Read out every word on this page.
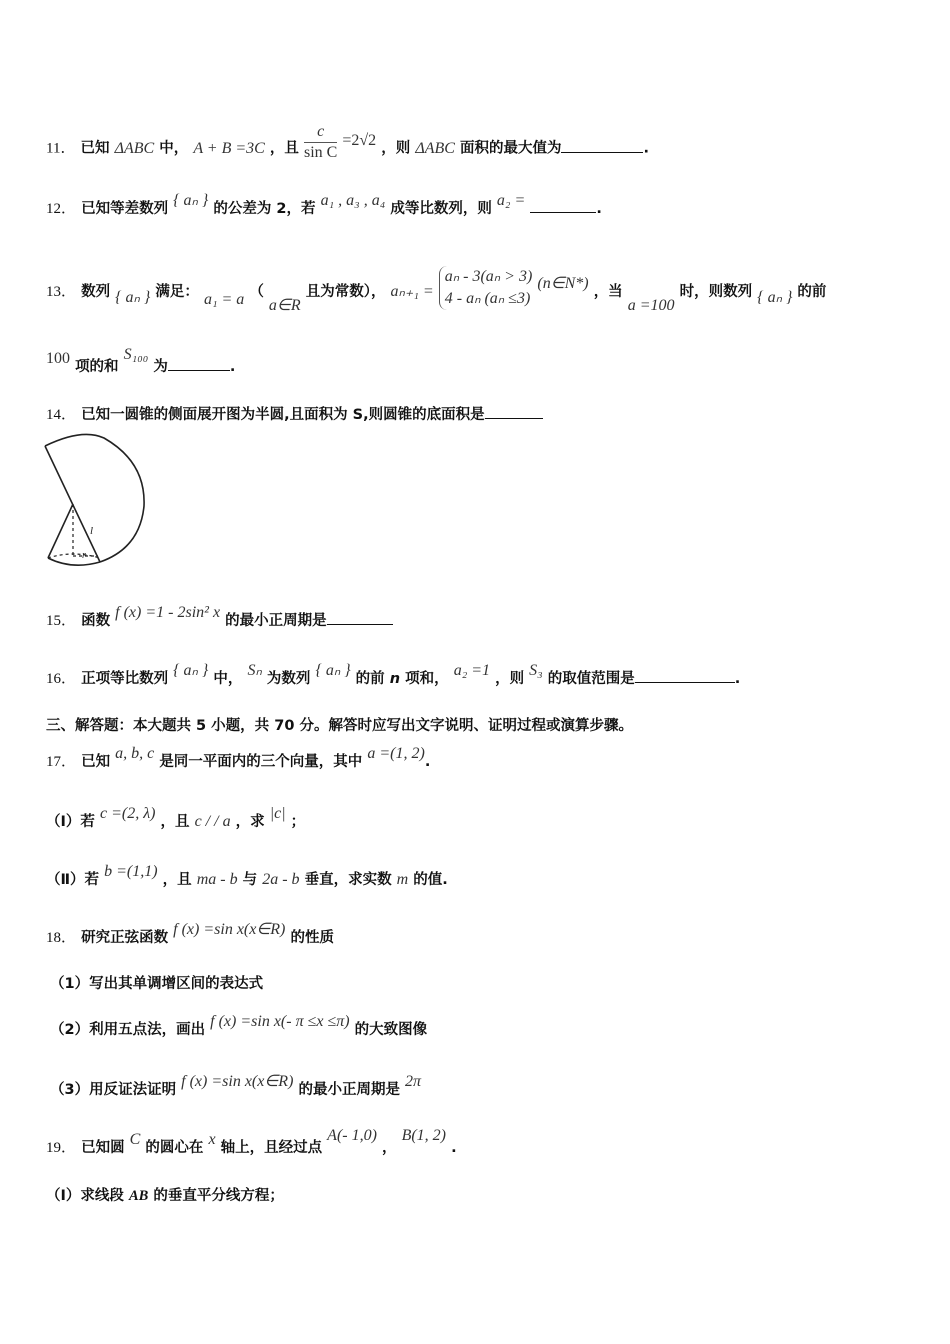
11． 已知 ΔABC 中， A + B =3C ，且 $\frac{c}{\text{sin C}} =2√2$ ，则 ΔABC 面积的最大值为	.
12． 已知等差数列 { aₙ } 的公差为 2，若 a₁ , a₃ , a₄ 成等比数列，则 a₂ =	.
13． 数列 { aₙ } 满足： a₁ = a （ a∈R 且为常数）， aₙ₊₁ =
aₙ - 3(aₙ > 3)
4 - aₙ (aₙ ≤3)
(n∈N*) ，当 a =100 时，则数列 { aₙ } 的前
100 项的和 S₁₀₀ 为	.
14． 已知一圆锥的侧面展开图为半圆,且面积为 S,则圆锥的底面积是
l
r
15． 函数 f (x) =1 - 2sin² x 的最小正周期是
16． 正项等比数列 { aₙ } 中， Sₙ 为数列 { aₙ } 的前 n 项和， a₂ =1 ，则 S₃ 的取值范围是	.
三、解答题：本大题共 5 小题，共 70 分。解答时应写出文字说明、证明过程或演算步骤。
17． 已知 a, b, c 是同一平面内的三个向量，其中 a =(1, 2).
（Ⅰ）若 c =(2, λ) ，且 c / / a ，求 |c| ；
（Ⅱ）若 b =(1,1) ，且 ma - b 与 2a - b 垂直，求实数 m 的值.
18． 研究正弦函数 f (x) =sin x(x∈R) 的性质
（1）写出其单调增区间的表达式
（2）利用五点法，画出 f (x) =sin x(- π ≤x ≤π) 的大致图像
（3）用反证法证明 f (x) =sin x(x∈R) 的最小正周期是 2π
19． 已知圆 C 的圆心在 x 轴上，且经过点 A(- 1,0) ， B(1, 2) .
（Ⅰ）求线段 AB 的垂直平分线方程；
